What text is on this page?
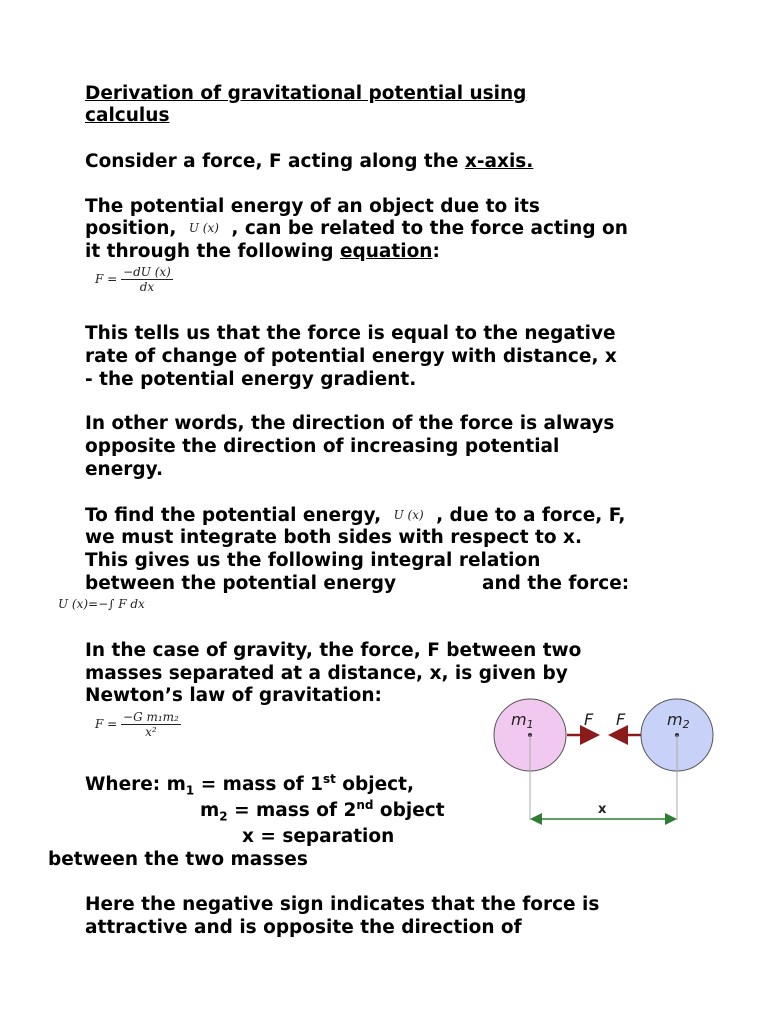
Derivation of gravitational potential using

calculus

Consider a force, F acting along the x-axis.

The potential energy of an object due to its

position, U (x) , can be related to the force acting on

it through the following equation:

$F = \frac{-dU (x)}{dx}$

This tells us that the force is equal to the negative

rate of change of potential energy with distance, x

- the potential energy gradient.

In other words, the direction of the force is always

opposite the direction of increasing potential

energy.

To find the potential energy, U (x) , due to a force, F,

we must integrate both sides with respect to x.

This gives us the following integral relation

between the potential energy	and the force:

U (x)=−∫ F dx

In the case of gravity, the force, F between two

masses separated at a distance, x, is given by

Newton’s law of gravitation:

$F = \frac{\text{−G m₁m₂}}{\text{x²}}$

Where: $m_1$ = mass of 1st object,

$m_2$ = mass of 2nd object

x = separation

between the two masses

Here the negative sign indicates that the force is

attractive and is opposite the direction of

m1	m2
F F
x
